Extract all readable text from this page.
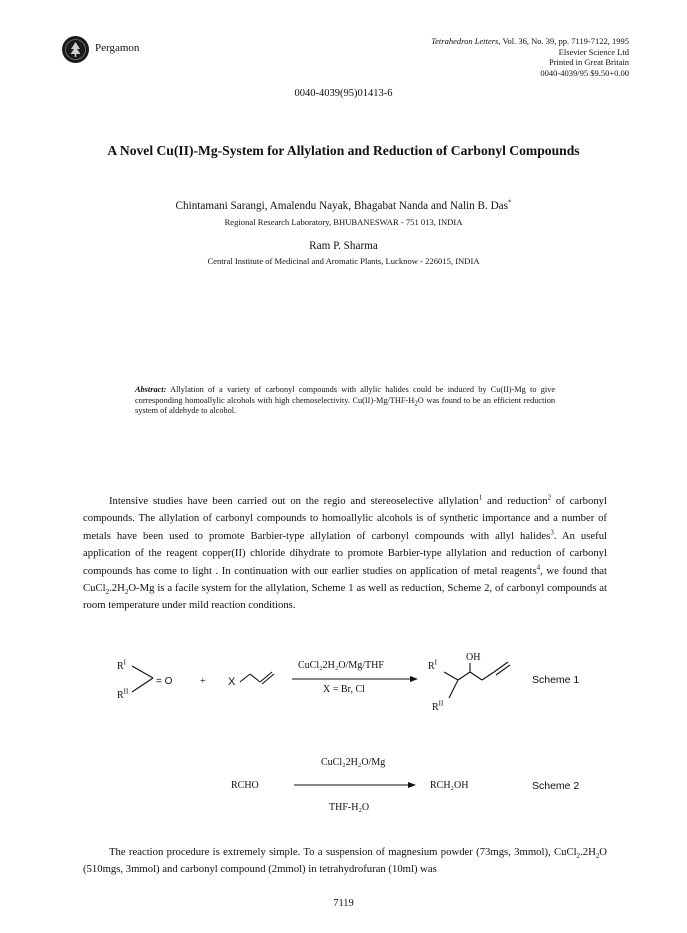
Pergamon
Tetrahedron Letters, Vol. 36, No. 39, pp. 7119-7122, 1995
Elsevier Science Ltd
Printed in Great Britain
0040-4039/95 $9.50+0.00
0040-4039(95)01413-6
A Novel Cu(II)-Mg-System for Allylation and Reduction of Carbonyl Compounds
Chintamani Sarangi, Amalendu Nayak, Bhagabat Nanda and Nalin B. Das*
Regional Research Laboratory, BHUBANESWAR - 751 013, INDIA
Ram P. Sharma
Central Institute of Medicinal and Aromatic Plants, Lucknow - 226015, INDIA
Abstract: Allylation of a variety of carbonyl compounds with allylic halides could be induced by Cu(II)-Mg to give corresponding homoallylic alcohols with high chemoselectivity. $Cu(II)-Mg/THF-H_2O$ was found to be an efficient reduction system of aldehyde to alcohol.

Intensive studies have been carried out on the regio and stereoselective allylation$^1$ and reduction$^2$ of carbonyl compounds. The allylation of carbonyl compounds to homoallylic alcohols is of synthetic importance and a number of metals have been used to promote Barbier-type allylation of carbonyl compounds with allyl halides$^3$. An useful application of the reagent copper(II) chloride dihydrate to promote Barbier-type allylation and reduction of carbonyl compounds has come to light . In continuation with our earlier studies on application of metal reagents$^4$, we found that $CuCl_2.2H_2O-Mg$ is a facile system for the allylation, Scheme 1 as well as reduction, Scheme 2, of carbonyl compounds at room temperature under mild reaction conditions.

$R^I$
$R^{II}$
= O	+ X
CuCl₂2H₂O/Mg/THF
X = Br, Cl
$R^I$	OH
$R^{II}$
Scheme 1
CuCl₂2H₂O/Mg
RCHO	RCH₂OH	Scheme 2
THF-H₂O

The reaction procedure is extremely simple. To a suspension of magnesium powder (73mgs, 3mmol), $CuCl_2.2H_2O$ (510mgs, 3mmol) and carbonyl compound (2mmol) in tetrahydrofuran (10ml) was

7119
